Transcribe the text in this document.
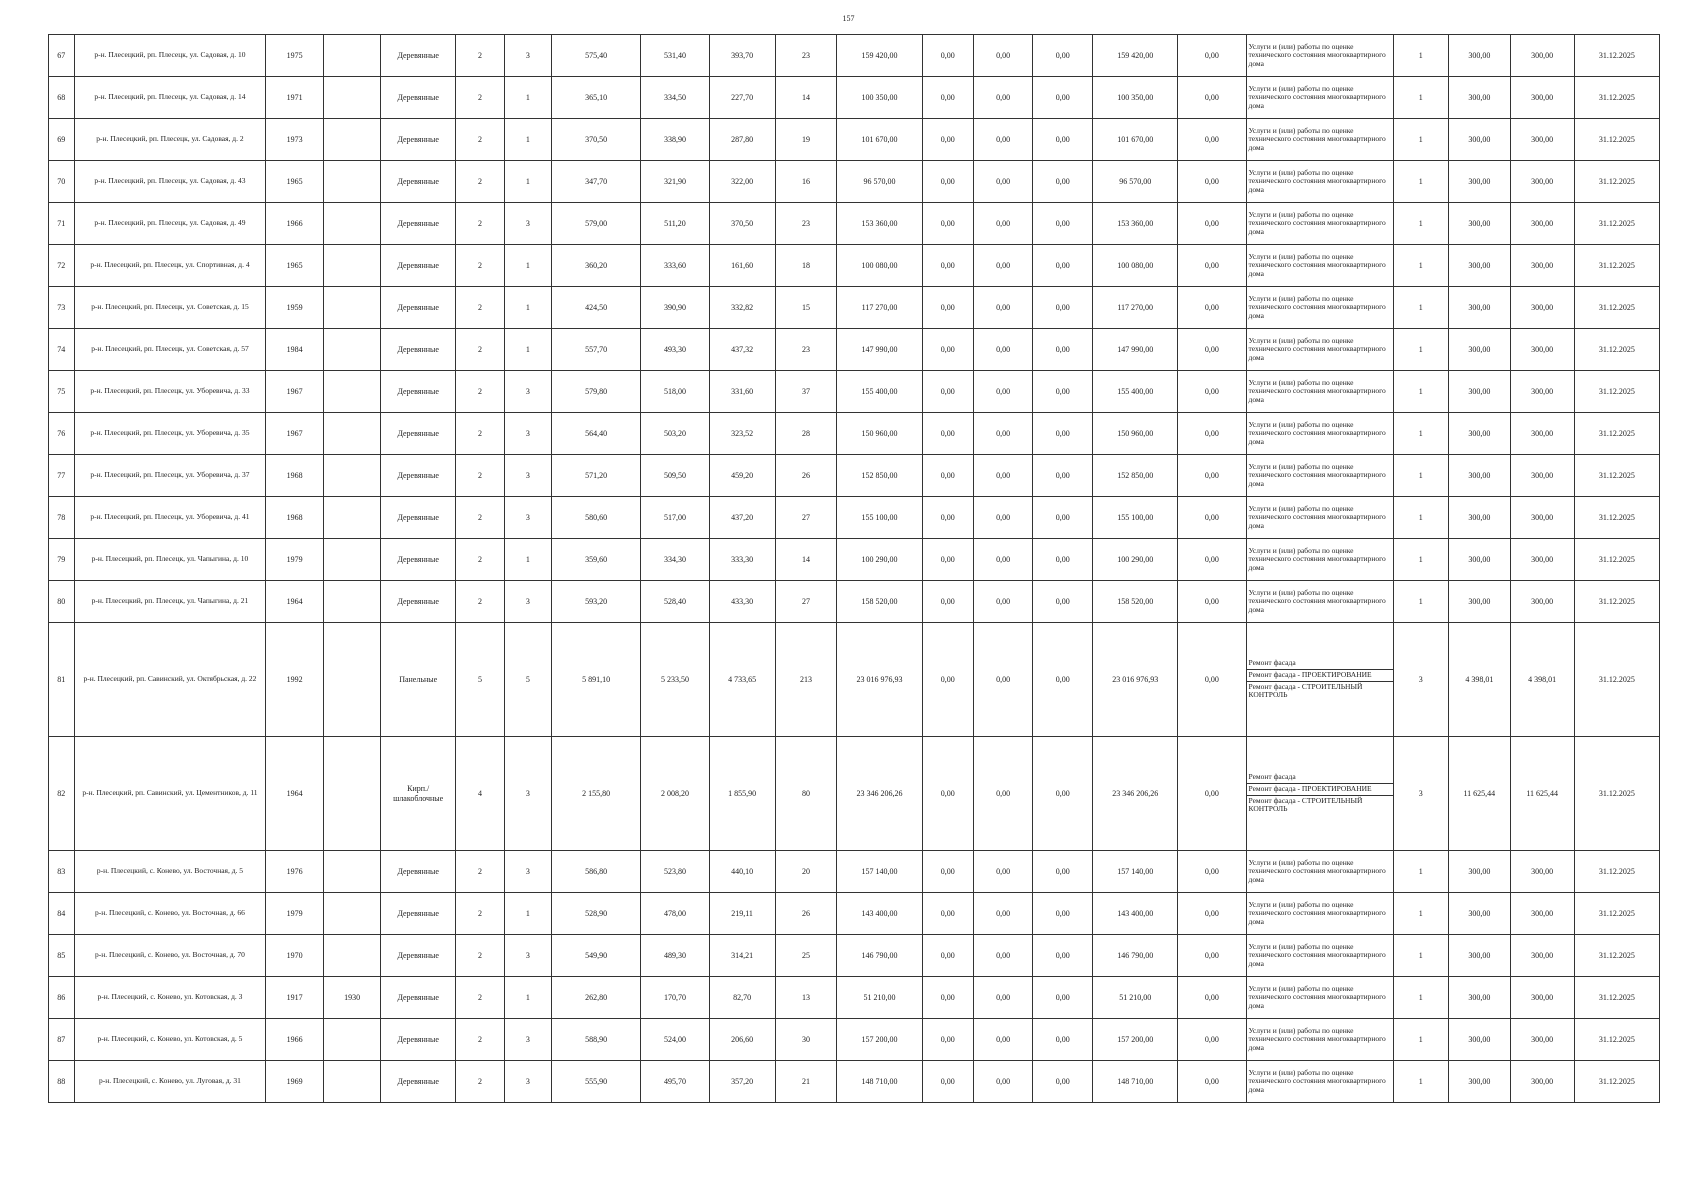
157
67	р-н. Плесецкий, рп. Плесецк, ул. Садовая, д. 10	1975		Деревянные	2	3	575,40	531,40	393,70	23	159 420,00	0,00	0,00	0,00	159 420,00	0,00	Услуги и (или) работы по оценке технического состояния многоквартирного дома	1	300,00	300,00	31.12.2025
68	р-н. Плесецкий, рп. Плесецк, ул. Садовая, д. 14	1971		Деревянные	2	1	365,10	334,50	227,70	14	100 350,00	0,00	0,00	0,00	100 350,00	0,00	Услуги и (или) работы по оценке технического состояния многоквартирного дома	1	300,00	300,00	31.12.2025
69	р-н. Плесецкий, рп. Плесецк, ул. Садовая, д. 2	1973		Деревянные	2	1	370,50	338,90	287,80	19	101 670,00	0,00	0,00	0,00	101 670,00	0,00	Услуги и (или) работы по оценке технического состояния многоквартирного дома	1	300,00	300,00	31.12.2025
70	р-н. Плесецкий, рп. Плесецк, ул. Садовая, д. 43	1965		Деревянные	2	1	347,70	321,90	322,00	16	96 570,00	0,00	0,00	0,00	96 570,00	0,00	Услуги и (или) работы по оценке технического состояния многоквартирного дома	1	300,00	300,00	31.12.2025
71	р-н. Плесецкий, рп. Плесецк, ул. Садовая, д. 49	1966		Деревянные	2	3	579,00	511,20	370,50	23	153 360,00	0,00	0,00	0,00	153 360,00	0,00	Услуги и (или) работы по оценке технического состояния многоквартирного дома	1	300,00	300,00	31.12.2025
72	р-н. Плесецкий, рп. Плесецк, ул. Спортивная, д. 4	1965		Деревянные	2	1	360,20	333,60	161,60	18	100 080,00	0,00	0,00	0,00	100 080,00	0,00	Услуги и (или) работы по оценке технического состояния многоквартирного дома	1	300,00	300,00	31.12.2025
73	р-н. Плесецкий, рп. Плесецк, ул. Советская, д. 15	1959		Деревянные	2	1	424,50	390,90	332,82	15	117 270,00	0,00	0,00	0,00	117 270,00	0,00	Услуги и (или) работы по оценке технического состояния многоквартирного дома	1	300,00	300,00	31.12.2025
74	р-н. Плесецкий, рп. Плесецк, ул. Советская, д. 57	1984		Деревянные	2	1	557,70	493,30	437,32	23	147 990,00	0,00	0,00	0,00	147 990,00	0,00	Услуги и (или) работы по оценке технического состояния многоквартирного дома	1	300,00	300,00	31.12.2025
75	р-н. Плесецкий, рп. Плесецк, ул. Уборевича, д. 33	1967		Деревянные	2	3	579,80	518,00	331,60	37	155 400,00	0,00	0,00	0,00	155 400,00	0,00	Услуги и (или) работы по оценке технического состояния многоквартирного дома	1	300,00	300,00	31.12.2025
76	р-н. Плесецкий, рп. Плесецк, ул. Уборевича, д. 35	1967		Деревянные	2	3	564,40	503,20	323,52	28	150 960,00	0,00	0,00	0,00	150 960,00	0,00	Услуги и (или) работы по оценке технического состояния многоквартирного дома	1	300,00	300,00	31.12.2025
77	р-н. Плесецкий, рп. Плесецк, ул. Уборевича, д. 37	1968		Деревянные	2	3	571,20	509,50	459,20	26	152 850,00	0,00	0,00	0,00	152 850,00	0,00	Услуги и (или) работы по оценке технического состояния многоквартирного дома	1	300,00	300,00	31.12.2025
78	р-н. Плесецкий, рп. Плесецк, ул. Уборевича, д. 41	1968		Деревянные	2	3	580,60	517,00	437,20	27	155 100,00	0,00	0,00	0,00	155 100,00	0,00	Услуги и (или) работы по оценке технического состояния многоквартирного дома	1	300,00	300,00	31.12.2025
79	р-н. Плесецкий, рп. Плесецк, ул. Чапыгина, д. 10	1979		Деревянные	2	1	359,60	334,30	333,30	14	100 290,00	0,00	0,00	0,00	100 290,00	0,00	Услуги и (или) работы по оценке технического состояния многоквартирного дома	1	300,00	300,00	31.12.2025
80	р-н. Плесецкий, рп. Плесецк, ул. Чапыгина, д. 21	1964		Деревянные	2	3	593,20	528,40	433,30	27	158 520,00	0,00	0,00	0,00	158 520,00	0,00	Услуги и (или) работы по оценке технического состояния многоквартирного дома	1	300,00	300,00	31.12.2025
81	р-н. Плесецкий, рп. Савинский, ул. Октябрьская, д. 22	1992		Панельные	5	5	5 891,10	5 233,50	4 733,65	213	23 016 976,93	0,00	0,00	0,00	23 016 976,93	0,00	Ремонт фасада
Ремонт фасада - ПРОЕКТИРОВАНИЕ
Ремонт фасада - СТРОИТЕЛЬНЫЙ КОНТРОЛЬ	3	4 398,01	4 398,01	31.12.2025
82	р-н. Плесецкий, рп. Савинский, ул. Цементников, д. 11	1964		Кирп./шлакоблочные	4	3	2 155,80	2 008,20	1 855,90	80	23 346 206,26	0,00	0,00	0,00	23 346 206,26	0,00	Ремонт фасада
Ремонт фасада - ПРОЕКТИРОВАНИЕ
Ремонт фасада - СТРОИТЕЛЬНЫЙ КОНТРОЛЬ	3	11 625,44	11 625,44	31.12.2025
83	р-н. Плесецкий, с. Конево, ул. Восточная, д. 5	1976		Деревянные	2	3	586,80	523,80	440,10	20	157 140,00	0,00	0,00	0,00	157 140,00	0,00	Услуги и (или) работы по оценке технического состояния многоквартирного дома	1	300,00	300,00	31.12.2025
84	р-н. Плесецкий, с. Конево, ул. Восточная, д. 66	1979		Деревянные	2	1	528,90	478,00	219,11	26	143 400,00	0,00	0,00	0,00	143 400,00	0,00	Услуги и (или) работы по оценке технического состояния многоквартирного дома	1	300,00	300,00	31.12.2025
85	р-н. Плесецкий, с. Конево, ул. Восточная, д. 70	1970		Деревянные	2	3	549,90	489,30	314,21	25	146 790,00	0,00	0,00	0,00	146 790,00	0,00	Услуги и (или) работы по оценке технического состояния многоквартирного дома	1	300,00	300,00	31.12.2025
86	р-н. Плесецкий, с. Конево, ул. Котовская, д. 3	1917	1930	Деревянные	2	1	262,80	170,70	82,70	13	51 210,00	0,00	0,00	0,00	51 210,00	0,00	Услуги и (или) работы по оценке технического состояния многоквартирного дома	1	300,00	300,00	31.12.2025
87	р-н. Плесецкий, с. Конево, ул. Котовская, д. 5	1966		Деревянные	2	3	588,90	524,00	206,60	30	157 200,00	0,00	0,00	0,00	157 200,00	0,00	Услуги и (или) работы по оценке технического состояния многоквартирного дома	1	300,00	300,00	31.12.2025
88	р-н. Плесецкий, с. Конево, ул. Луговая, д. 31	1969		Деревянные	2	3	555,90	495,70	357,20	21	148 710,00	0,00	0,00	0,00	148 710,00	0,00	Услуги и (или) работы по оценке технического состояния многоквартирного дома	1	300,00	300,00	31.12.2025
